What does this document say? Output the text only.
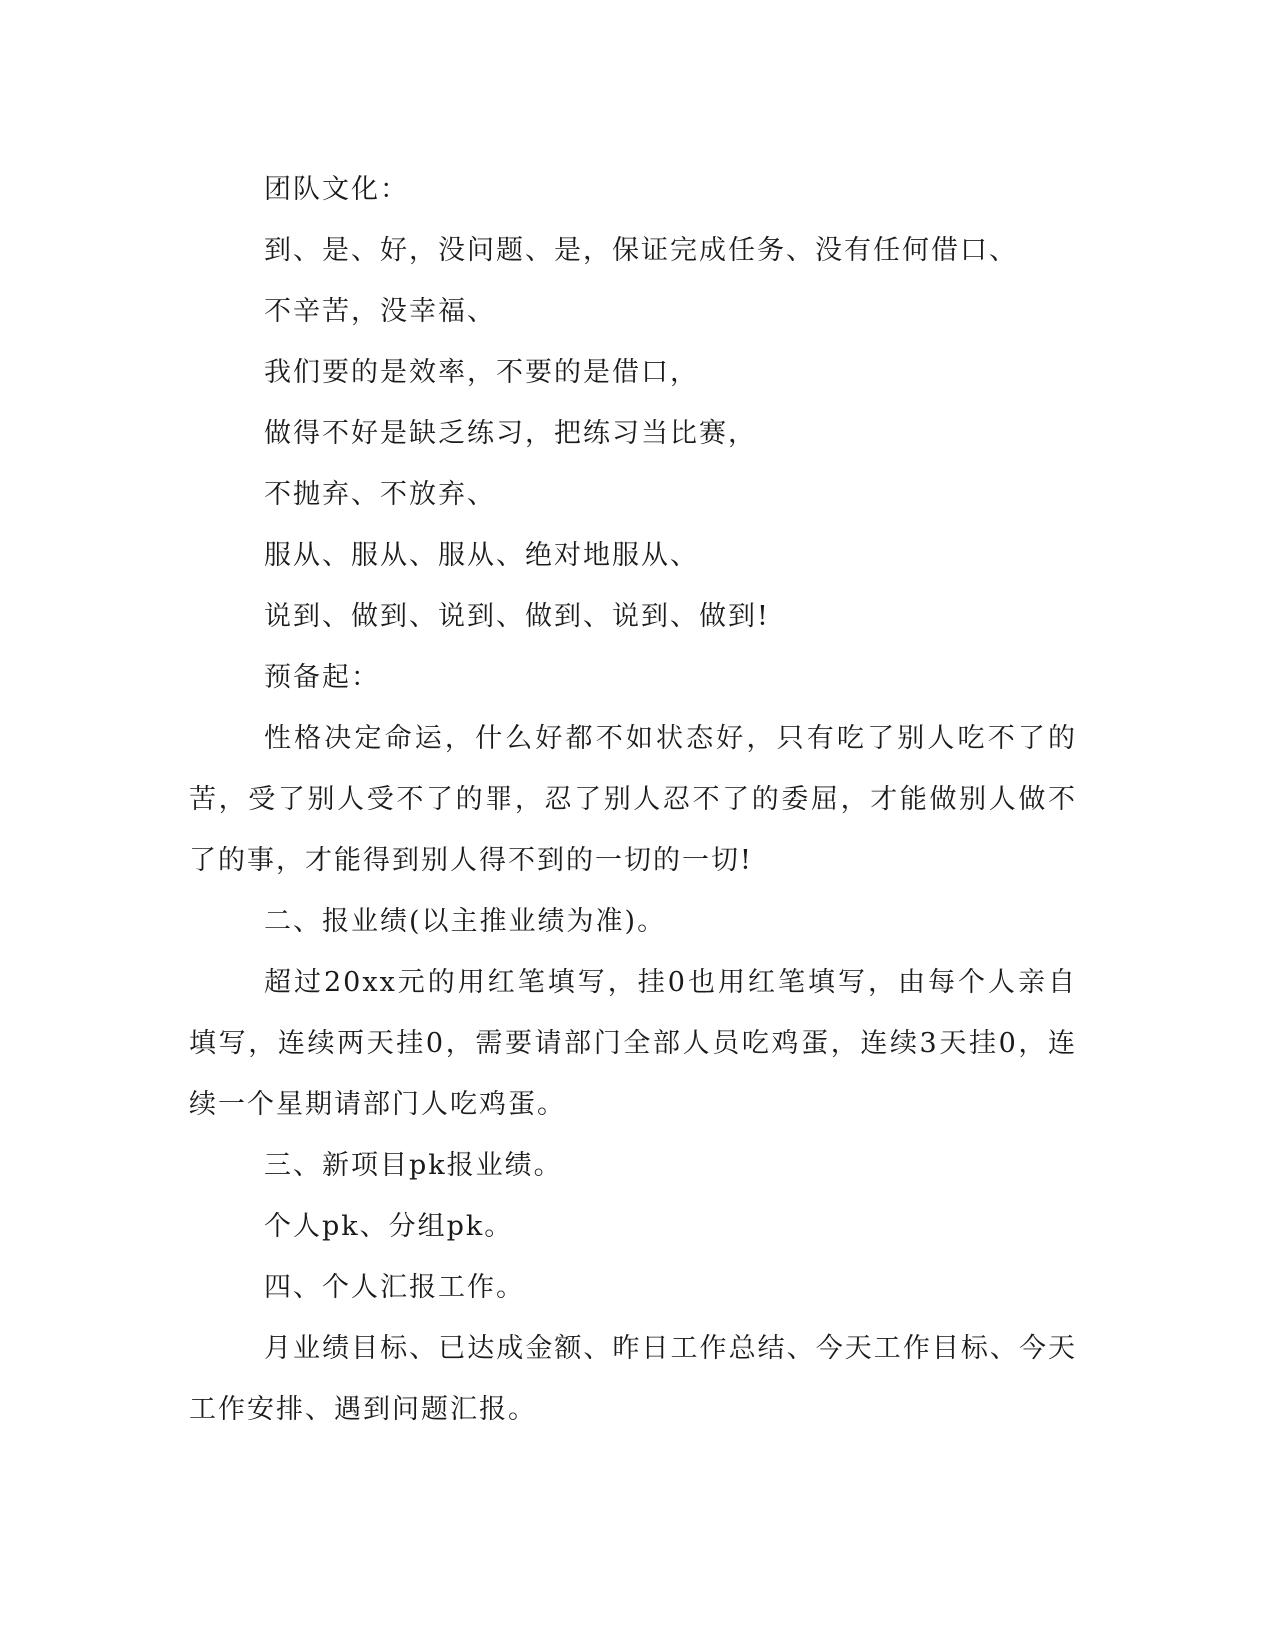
团队文化：

到、是、好，没问题、是，保证完成任务、没有任何借口、

不辛苦，没幸福、

我们要的是效率，不要的是借口，

做得不好是缺乏练习，把练习当比赛，

不抛弃、不放弃、

服从、服从、服从、绝对地服从、

说到、做到、说到、做到、说到、做到!

预备起：

性格决定命运，什么好都不如状态好，只有吃了别人吃不了的苦，受了别人受不了的罪，忍了别人忍不了的委屈，才能做别人做不了的事，才能得到别人得不到的一切的一切!

二、报业绩(以主推业绩为准)。

超过20xx元的用红笔填写，挂0也用红笔填写，由每个人亲自填写，连续两天挂0，需要请部门全部人员吃鸡蛋，连续3天挂0，连续一个星期请部门人吃鸡蛋。

三、新项目pk报业绩。

个人pk、分组pk。

四、个人汇报工作。

月业绩目标、已达成金额、昨日工作总结、今天工作目标、今天工作安排、遇到问题汇报。
